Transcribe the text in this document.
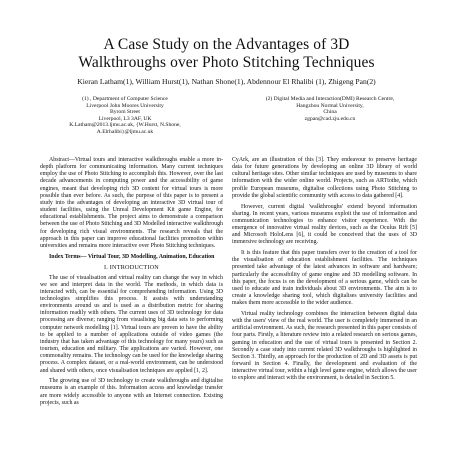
A Case Study on the Advantages of 3D
Walkthroughs over Photo Stitching Techniques
Kieran Latham(1), William Hurst(1), Nathan Shone(1), Abdennour El Rhalibi (1), Zhigeng Pan(2)
(1) , Department of Computer Science
Liverpool John Moores University
Byrom Street
Liverpool, L3 3AF, UK
K.Latham@2013.ljmu.ac.uk, {W.Hurst, N.Shone,
A.Elrhalibi}@ljmu.ac.uk
(2) Digital Media and Interaction(DMI) Research Centre,
Hangzhou Normal University,
China
zgpan@cad.zju.edu.cn

Abstract—Virtual tours and interactive walkthroughs enable a more in-depth platform for communicating information. Many current techniques employ the use of Photo Stitching to accomplish this. However, over the last decade advancements in computing power and the accessibility of game engines, meant that developing rich 3D content for virtual tours is more possible than ever before. As such, the purpose of this paper is to present a study into the advantages of developing an interactive 3D virtual tour of student facilities, using the Unreal Development Kit game Engine, for educational establishments. The project aims to demonstrate a comparison between the use of Photo Stitching and 3D Modelled interactive walkthrough for developing rich visual environments. The research reveals that the approach in this paper can improve educational facilities promotion within universities and remains more interactive over Photo Stitching techniques.

Index Terms— Virtual Tour, 3D Modelling, Animation, Education

I. INTRODUCTION

The use of visualisation and virtual reality can change the way in which we see and interpret data in the world. The methods, in which data is interacted with, can be essential for comprehending information. Using 3D technologies simplifies this process. It assists with understanding environments around us and is used as a distribution metric for sharing information readily with others. The current uses of 3D technology for data processing are diverse; ranging from visualising big data sets to performing computer network modelling [1]. Virtual tours are proven to have the ability to be applied to a number of applications outside of video games (the industry that has taken advantage of this technology for many years) such as tourism, education and military. The applications are varied. However, one commonality remains. The technology can be used for the knowledge sharing process. A complex dataset, or a real-world environment, can be understood and shared with others, once visualisation techniques are applied [1, 2].

The growing use of 3D technology to create walkthroughs and digitalise museums is an example of this. Information access and knowledge transfer are more widely accessible to anyone with an Internet connection. Existing projects, such as

CyArk, are an illustration of this [3]. They endeavour to preserve heritage data for future generations by developing an online 3D library of world cultural heritage sites. Other similar techniques are used by museums to share information with the wider online world. Projects, such as ARTtothe, which profile European museums, digitalise collections using Photo Stitching to provide the global scientific community with access to data gathered [4].

However, current digital 'walkthroughs' extend beyond information sharing. In recent years, various museums exploit the use of information and communication technologies to enhance visitor experience. With the emergence of innovative virtual reality devices, such as the Oculus Rift [5] and Microsoft HoloLens [6], it could be conceived that the uses of 3D immersive technology are receiving.

It is this feature that this paper transfers over to the creation of a tool for the visualisation of education establishment facilities. The techniques presented take advantage of the latest advances in software and hardware; particularly the accessibility of game engine and 3D modelling software. In this paper, the focus is on the development of a serious game, which can be used to educate and train individuals about 3D environments. The aim is to create a knowledge sharing tool, which digitalises university facilities and makes them more accessible to the wider audience.

Virtual reality technology combines the interaction between digital data with the users' view of the real world. The user is completely immersed in an artificial environment. As such, the research presented in this paper consists of four parts. Firstly, a literature review into a related research on serious games, gaming in education and the use of virtual tours is presented in Section 2. Secondly a case study into current related 3D walkthroughs is highlighted in Section 3. Thirdly, an approach for the production of 2D and 3D assets is put forward in Section 4. Finally, the development and evaluation of the interactive virtual tour, within a high level game engine, which allows the user to explore and interact with the environment, is detailed in Section 5.
